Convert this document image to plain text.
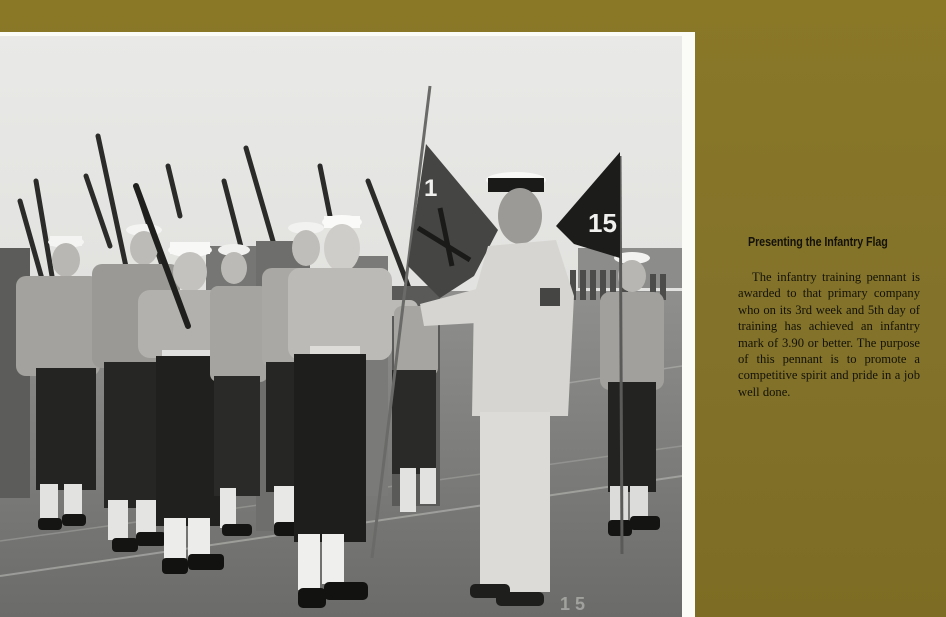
15
1
1 5
Presenting the Infantry Flag

The infantry training pennant is awarded to that primary company who on its 3rd week and 5th day of training has achieved an infantry mark of 3.90 or better. The purpose of this pennant is to promote a competitive spirit and pride in a job well done.
